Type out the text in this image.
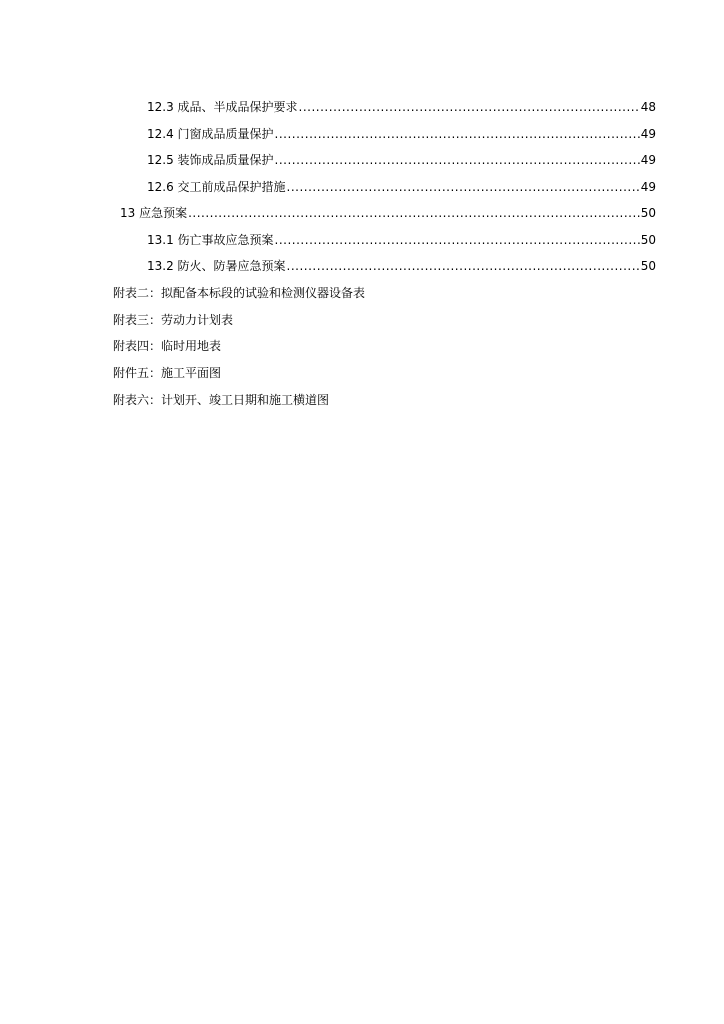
12.3 成品、半成品保护要求 .....	48
12.4 门窗成品质量保护 .....	49
12.5 装饰成品质量保护 .....	49
12.6 交工前成品保护措施 .....	49
13 应急预案 .....	50
13.1 伤亡事故应急预案 .....	50
13.2 防火、防暑应急预案 .....	50
附表二：拟配备本标段的试验和检测仪器设备表
附表三：劳动力计划表
附表四：临时用地表
附件五：施工平面图
附表六：计划开、竣工日期和施工横道图
